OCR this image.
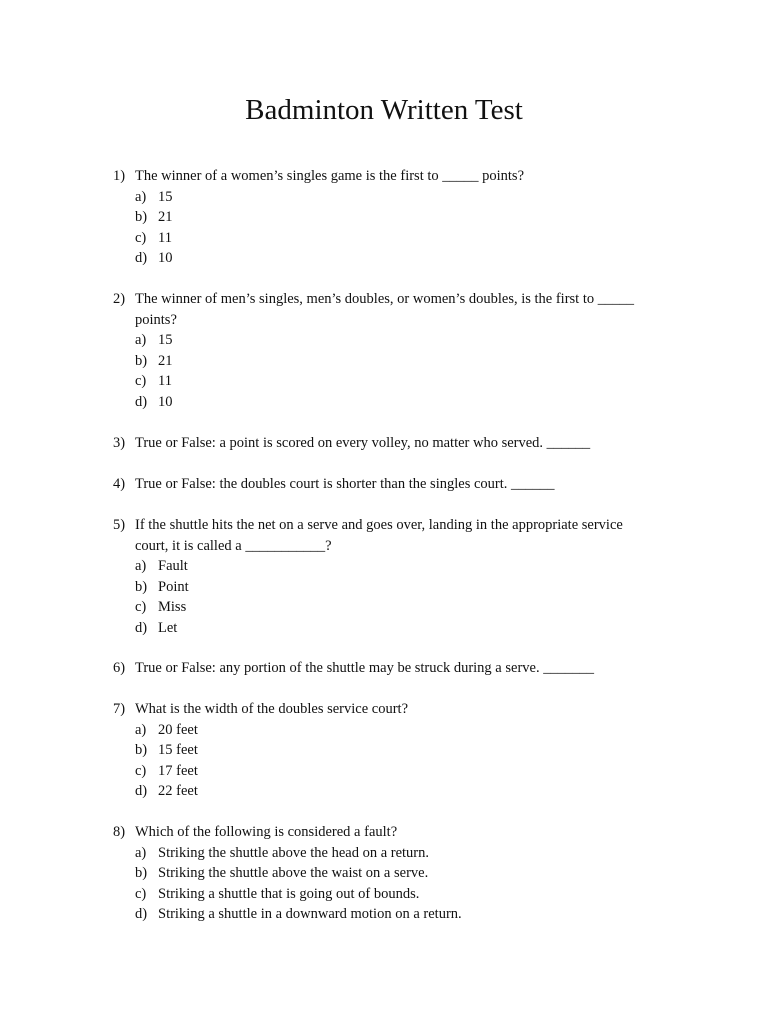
Badminton Written Test
1) The winner of a women’s singles game is the first to _____ points?
a) 15
b) 21
c) 11
d) 10
2) The winner of men’s singles, men’s doubles, or women’s doubles, is the first to _____
points?
a) 15
b) 21
c) 11
d) 10
3) True or False: a point is scored on every volley, no matter who served. ______
4) True or False: the doubles court is shorter than the singles court. ______
5) If the shuttle hits the net on a serve and goes over, landing in the appropriate service
court, it is called a ___________?
a) Fault
b) Point
c) Miss
d) Let
6) True or False: any portion of the shuttle may be struck during a serve. _______
7) What is the width of the doubles service court?
a) 20 feet
b) 15 feet
c) 17 feet
d) 22 feet
8) Which of the following is considered a fault?
a) Striking the shuttle above the head on a return.
b) Striking the shuttle above the waist on a serve.
c) Striking a shuttle that is going out of bounds.
d) Striking a shuttle in a downward motion on a return.
